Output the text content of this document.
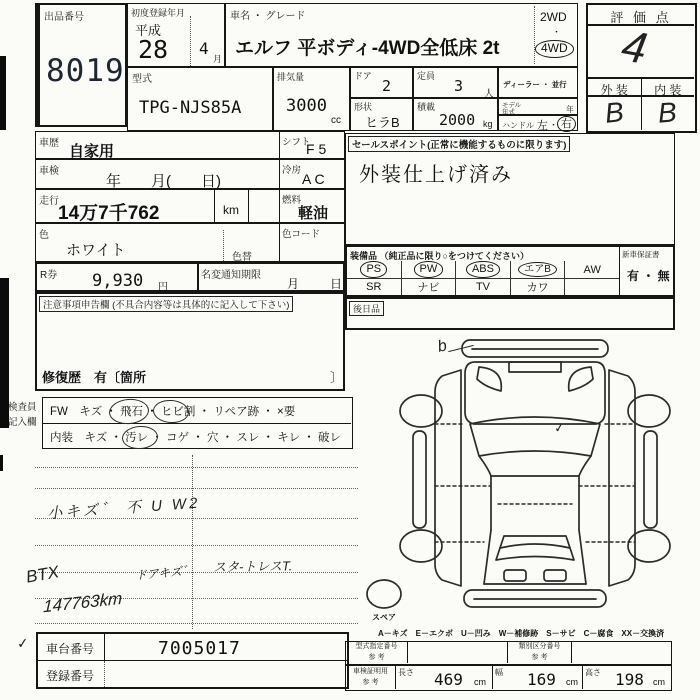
出品番号
8019
初度登録年月
平成
28 4
月
車名 ・ グレード
エルフ 平ボディ-4WD全低床 2t
2WD
・
4WD
評 価 点
4
外 装	内 装
B	B
型式
TPG-NJS85A
排気量
3000
cc
ドア
2
定員
3 人
ディーラー ・ 並行
形状
ヒラB
積載
2000 kg
モデル
年式	年
ハンドル 左 ・ 右
車歴 自家用
シフト
F 5
車検
年　　月(　　日)
冷房
A C
走行
14万7千762	km
燃料
軽油
色
ホワイト	色替
色コード
R券 9,930 円
名変通知期限
月	日
注意事項申告欄 (不具合内容等は具体的に記入して下さい)
修復歴　有〔箇所	〕
検査員
記入欄
FW　キズ ・ 飛石 ・ ヒビ割 ・ リペア跡 ・ ×要
内装　キズ ・ 汚レ ・ コゲ ・ 穴 ・ スレ ・ キレ ・ 破レ
小キズ゛ 不 U W2
BTX	ドアキズ゛ スタ-トレスT.
147763km
✓ 車台番号	7005017
登録番号
セールスポイント(正常に機能するものに限ります)
外装仕上げ済み
装備品 （純正品に限り○をつけてください）
PS	PW	ABS	エアB	AW
SR	ナビ	TV	カワ
新車保証書
有 ・ 無
後日品
スペア
b
✓
A－キズ　E－エクボ　U－凹み　W－補修跡　S－サビ　C－腐食　XX－交換済
型式指定番号
参 考
類別区分番号
参 考
車検証明用
参 考
長さ 469 cm
幅 169 cm
高さ 198 cm
